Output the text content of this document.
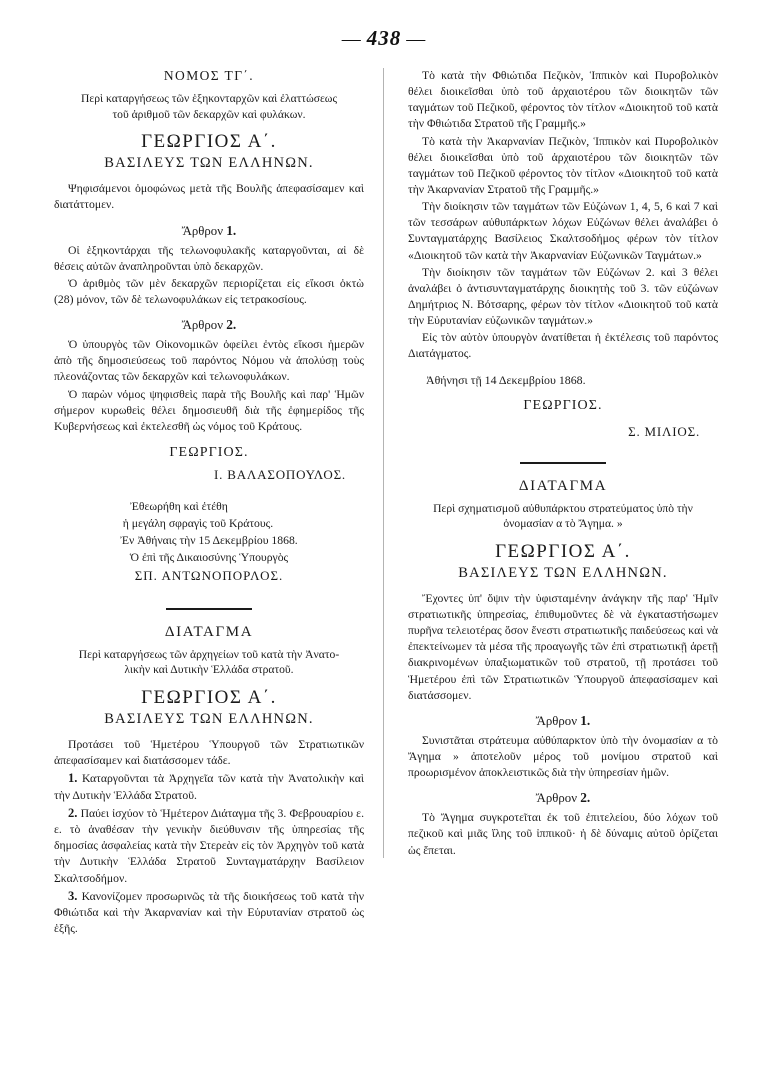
— 438 —
ΝΟΜΟΣ ΤΓ΄.
Περὶ καταργήσεως τῶν ἑξηκονταρχῶν καὶ ἐλαττώσεως
τοῦ ἀριθμοῦ τῶν δεκαρχῶν καὶ φυλάκων.
ΓΕΩΡΓΙΟΣ Α΄.
ΒΑΣΙΛΕΥΣ ΤΩΝ ΕΛΛΗΝΩΝ.

Ψηφισάμενοι ὁμοφώνως μετὰ τῆς Βουλῆς ἀπεφασίσαμεν καὶ διατάττομεν.

Ἄρθρον 1.

Οἱ ἑξηκοντάρχαι τῆς τελωνοφυλακῆς καταργοῦνται, αἱ δὲ θέσεις αὐτῶν ἀναπληροῦνται ὑπὸ δεκαρχῶν.

Ὁ ἀριθμὸς τῶν μὲν δεκαρχῶν περιορίζεται εἰς εἴκοσι ὀκτὼ (28) μόνον, τῶν δὲ τελωνοφυλάκων εἰς τετρακοσίους.

Ἄρθρον 2.

Ὁ ὑπουργὸς τῶν Οἰκονομικῶν ὀφείλει ἐντὸς εἴκοσι ἡμερῶν ἀπὸ τῆς δημοσιεύσεως τοῦ παρόντος Νόμου νὰ ἀπολύσῃ τοὺς πλεονάζοντας τῶν δεκαρχῶν καὶ τελωνοφυλάκων.

Ὁ παρὼν νόμος ψηφισθεὶς παρὰ τῆς Βουλῆς καὶ παρ' Ἡμῶν σήμερον κυρωθεὶς θέλει δημοσιευθῆ διὰ τῆς ἐφημερίδος τῆς Κυβερνήσεως καὶ ἐκτελεσθῆ ὡς νόμος τοῦ Κράτους.

ΓΕΩΡΓΙΟΣ.
Ι. ΒΑΛΑΣΟΠΟΥΛΟΣ.
Ἐθεωρήθη καὶ ἐτέθη
ἡ μεγάλη σφραγὶς τοῦ Κράτους.
Ἐν Ἀθήναις τὴν 15 Δεκεμβρίου 1868.
Ὁ ἐπὶ τῆς Δικαιοσύνης Ὑπουργὸς
ΣΠ. ΑΝΤΩΝΟΠΟΡΛΟΣ.
ΔΙΑΤΑΓΜΑ
Περὶ καταργήσεως τῶν ἀρχηγείων τοῦ κατὰ τὴν Ἀνατο-
λικὴν καὶ Δυτικὴν Ἑλλάδα στρατοῦ.
ΓΕΩΡΓΙΟΣ Α΄.
ΒΑΣΙΛΕΥΣ ΤΩΝ ΕΛΛΗΝΩΝ.

Προτάσει τοῦ Ἡμετέρου Ὑπουργοῦ τῶν Στρατιωτικῶν ἀπεφασίσαμεν καὶ διατάσσομεν τάδε.

1. Καταργοῦνται τὰ Ἀρχηγεῖα τῶν κατὰ τὴν Ἀνατολικὴν καὶ τὴν Δυτικὴν Ἑλλάδα Στρατοῦ.

2. Παύει ἰσχύον τὸ Ἡμέτερον Διάταγμα τῆς 3. Φεβρουαρίου ε. ε. τὸ ἀναθέσαν τὴν γενικὴν διεύθυνσιν τῆς ὑπηρεσίας τῆς δημοσίας ἀσφαλείας κατὰ τὴν Στερεὰν εἰς τὸν Ἀρχηγὸν τοῦ κατὰ τὴν Δυτικὴν Ἑλλάδα Στρατοῦ Συνταγματάρχην Βασίλειον Σκαλτσοδήμον.

3. Κανονίζομεν προσωρινῶς τὰ τῆς διοικήσεως τοῦ κατὰ τὴν Φθιώτιδα καὶ τὴν Ἀκαρνανίαν καὶ τὴν Εὐρυτανίαν στρατοῦ ὡς ἑξῆς.

Τὸ κατὰ τὴν Φθιώτιδα Πεζικὸν, Ἱππικὸν καὶ Πυροβολικὸν θέλει διοικεῖσθαι ὑπὸ τοῦ ἀρχαιοτέρου τῶν διοικητῶν τῶν ταγμάτων τοῦ Πεζικοῦ, φέροντος τὸν τίτλον «Διοικητοῦ τοῦ κατὰ τὴν Φθιώτιδα Στρατοῦ τῆς Γραμμῆς.»

Τὸ κατὰ τὴν Ἀκαρνανίαν Πεζικὸν, Ἱππικὸν καὶ Πυροβολικὸν θέλει διοικεῖσθαι ὑπὸ τοῦ ἀρχαιοτέρου τῶν διοικητῶν τῶν ταγμάτων τοῦ Πεζικοῦ φέροντος τὸν τίτλον «Διοικητοῦ τοῦ κατὰ τὴν Ἀκαρνανίαν Στρατοῦ τῆς Γραμμῆς.»

Τὴν διοίκησιν τῶν ταγμάτων τῶν Εὐζώνων 1, 4, 5, 6 καὶ 7 καὶ τῶν τεσσάρων αὐθυπάρκτων λόχων Εὐζώνων θέλει ἀναλάβει ὁ Συνταγματάρχης Βασίλειος Σκαλτσοδήμος φέρων τὸν τίτλον «Διοικητοῦ τῶν κατὰ τὴν Ἀκαρνανίαν Εὐζωνικῶν Ταγμάτων.»

Τὴν διοίκησιν τῶν ταγμάτων τῶν Εὐζώνων 2. καὶ 3 θέλει ἀναλάβει ὁ ἀντισυνταγματάρχης διοικητὴς τοῦ 3. τῶν εὐζώνων Δημήτριος Ν. Βότσαρης, φέρων τὸν τίτλον «Διοικητοῦ τοῦ κατὰ τὴν Εὐρυτανίαν εὐζωνικῶν ταγμάτων.»

Εἰς τὸν αὐτὸν ὑπουργὸν ἀνατίθεται ἡ ἐκτέλεσις τοῦ παρόντος Διατάγματος.

Ἀθήνησι τῇ 14 Δεκεμβρίου 1868.
ΓΕΩΡΓΙΟΣ.
Σ. ΜΙΛΙΟΣ.
ΔΙΑΤΑΓΜΑ
Περὶ σχηματισμοῦ αὐθυπάρκτου στρατεύματος ὑπὸ τὴν
ὀνομασίαν α τὸ Ἄγημα. »
ΓΕΩΡΓΙΟΣ Α΄.
ΒΑΣΙΛΕΥΣ ΤΩΝ ΕΛΛΗΝΩΝ.

Ἔχοντες ὑπ' ὄψιν τὴν ὑφισταμένην ἀνάγκην τῆς παρ' Ἡμῖν στρατιωτικῆς ὑπηρεσίας, ἐπιθυμοῦντες δὲ νὰ ἐγκαταστήσωμεν πυρῆνα τελειοτέρας ὅσον ἔνεστι στρατιωτικῆς παιδεύσεως καὶ νὰ ἐπεκτείνωμεν τὰ μέσα τῆς προαγωγῆς τῶν ἐπὶ στρατιωτικῇ ἀρετῇ διακρινομένων ὑπαξιωματικῶν τοῦ στρατοῦ, τῇ προτάσει τοῦ Ἡμετέρου ἐπὶ τῶν Στρατιωτικῶν Ὑπουργοῦ ἀπεφασίσαμεν καὶ διατάσσομεν.

Ἄρθρον 1.

Συνιστᾶται στράτευμα αὐθύπαρκτον ὑπὸ τὴν ὀνομασίαν α τὸ Ἄγημα » ἀποτελοῦν μέρος τοῦ μονίμου στρατοῦ καὶ προωρισμένον ἀποκλειστικῶς διὰ τὴν ὑπηρεσίαν ἡμῶν.

Ἄρθρον 2.

Τὸ Ἄγημα συγκροτεῖται ἐκ τοῦ ἐπιτελείου, δύο λόχων τοῦ πεζικοῦ καὶ μιᾶς ἴλης τοῦ ἱππικοῦ· ἡ δὲ δύναμις αὐτοῦ ὁρίζεται ὡς ἕπεται.
